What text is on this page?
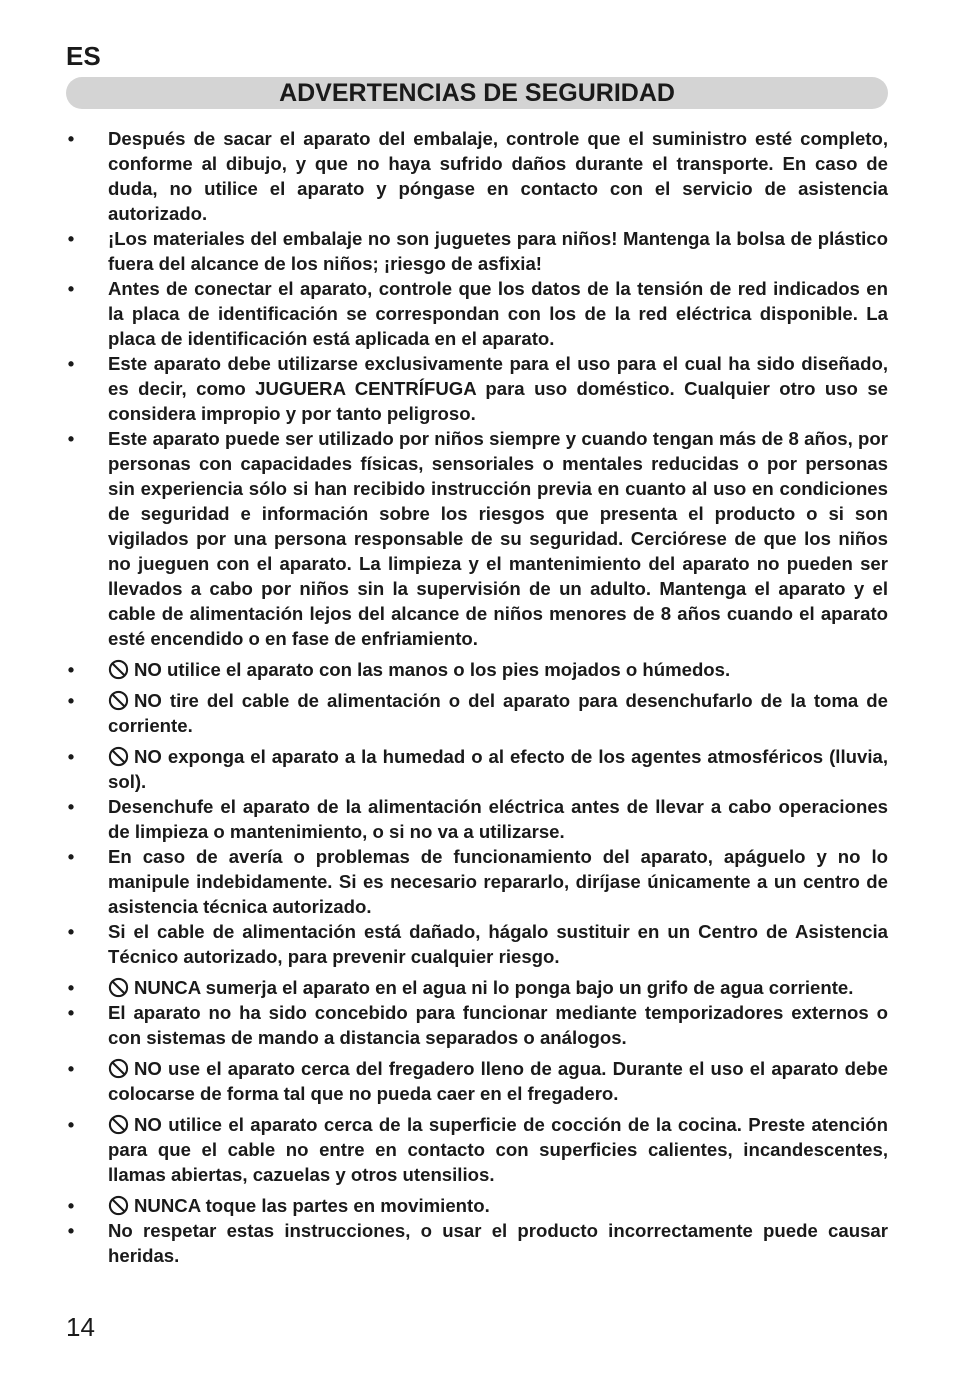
ES
ADVERTENCIAS DE SEGURIDAD
• Después de sacar el aparato del embalaje, controle que el suministro esté completo, conforme al dibujo, y que no haya sufrido daños durante el transporte. En caso de duda, no utilice el aparato y póngase en contacto con el servicio de asistencia autorizado.
• ¡Los materiales del embalaje no son juguetes para niños! Mantenga la bolsa de plástico fuera del alcance de los niños; ¡riesgo de asfixia!
• Antes de conectar el aparato, controle que los datos de la tensión de red indicados en la placa de identificación se correspondan con los de la red eléctrica disponible. La placa de identificación está aplicada en el aparato.
• Este aparato debe utilizarse exclusivamente para el uso para el cual ha sido diseñado, es decir, como JUGUERA CENTRÍFUGA para uso doméstico. Cualquier otro uso se considera impropio y por tanto peligroso.
• Este aparato puede ser utilizado por niños siempre y cuando tengan más de 8 años, por personas con capacidades físicas, sensoriales o mentales reducidas o por personas sin experiencia sólo si han recibido instrucción previa en cuanto al uso en condiciones de seguridad e información sobre los riesgos que presenta el producto o si son vigilados por una persona responsable de su seguridad. Cerciórese de que los niños no jueguen con el aparato. La limpieza y el mantenimiento del aparato no pueden ser llevados a cabo por niños sin la supervisión de un adulto. Mantenga el aparato y el cable de alimentación lejos del alcance de niños menores de 8 años cuando el aparato esté encendido o en fase de enfriamiento.
•	NO utilice el aparato con las manos o los pies mojados o húmedos.
•	NO tire del cable de alimentación o del aparato para desenchufarlo de la toma de corriente.
•	NO exponga el aparato a la humedad o al efecto de los agentes atmosféricos (lluvia, sol).
• Desenchufe el aparato de la alimentación eléctrica antes de llevar a cabo operaciones de limpieza o mantenimiento, o si no va a utilizarse.
• En caso de avería o problemas de funcionamiento del aparato, apáguelo y no lo manipule indebidamente. Si es necesario repararlo, diríjase únicamente a un centro de asistencia técnica autorizado.
• Si el cable de alimentación está dañado, hágalo sustituir en un Centro de Asistencia Técnico autorizado, para prevenir cualquier riesgo.
•	NUNCA sumerja el aparato en el agua ni lo ponga bajo un grifo de agua corriente.
• El aparato no ha sido concebido para funcionar mediante temporizadores externos o con sistemas de mando a distancia separados o análogos.
•	NO use el aparato cerca del fregadero lleno de agua. Durante el uso el aparato debe colocarse de forma tal que no pueda caer en el fregadero.
•	NO utilice el aparato cerca de la superficie de cocción de la cocina. Preste atención para que el cable no entre en contacto con superficies calientes, incandescentes, llamas abiertas, cazuelas y otros utensilios.
•	NUNCA toque las partes en movimiento.
• No respetar estas instrucciones, o usar el producto incorrectamente puede causar heridas.
14
